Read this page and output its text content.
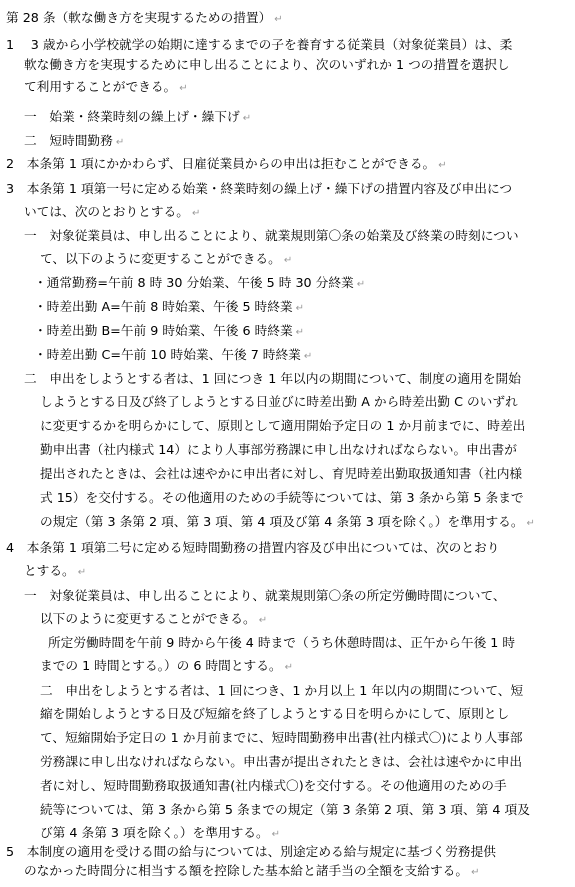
第 28 条（軟な働き方を実現するための措置） ↵
1　 3 歳から小学校就学の始期に達するまでの子を養育する従業員（対象従業員）は、柔
軟な働き方を実現するために申し出ることにより、次のいずれか 1 つの措置を選択し
て利用することができる。 ↵
一　始業・終業時刻の繰上げ・繰下げ ↵
二　短時間勤務 ↵
2　本条第 1 項にかかわらず、日雇従業員からの申出は拒むことができる。 ↵
3　本条第 1 項第一号に定める始業・終業時刻の繰上げ・繰下げの措置内容及び申出につ
いては、次のとおりとする。 ↵
一　対象従業員は、申し出ることにより、就業規則第〇条の始業及び終業の時刻につい
て、以下のように変更することができる。 ↵
・通常勤務=午前 8 時 30 分始業、午後 5 時 30 分終業 ↵
・時差出勤 A=午前 8 時始業、午後 5 時終業 ↵
・時差出勤 B=午前 9 時始業、午後 6 時終業 ↵
・時差出勤 C=午前 10 時始業、午後 7 時終業 ↵
二　申出をしようとする者は、1 回につき 1 年以内の期間について、制度の適用を開始
しようとする日及び終了しようとする日並びに時差出勤 A から時差出勤 C のいずれ
に変更するかを明らかにして、原則として適用開始予定日の 1 か月前までに、時差出
勤申出書（社内様式 14）により人事部労務課に申し出なければならない。申出書が
提出されたときは、会社は速やかに申出者に対し、育児時差出勤取扱通知書（社内様
式 15）を交付する。その他適用のための手続等については、第 3 条から第 5 条まで
の規定（第 3 条第 2 項、第 3 項、第 4 項及び第 4 条第 3 項を除く。）を準用する。 ↵
4　本条第 1 項第二号に定める短時間勤務の措置内容及び申出については、次のとおり
とする。 ↵
一　対象従業員は、申し出ることにより、就業規則第〇条の所定労働時間について、
以下のように変更することができる。 ↵
所定労働時間を午前 9 時から午後 4 時まで（うち休憩時間は、正午から午後 1 時
までの 1 時間とする。）の 6 時間とする。 ↵
二　申出をしようとする者は、1 回につき、1 か月以上 1 年以内の期間について、短
縮を開始しようとする日及び短縮を終了しようとする日を明らかにして、原則とし
て、短縮開始予定日の 1 か月前までに、短時間勤務申出書(社内様式〇)により人事部
労務課に申し出なければならない。申出書が提出されたときは、会社は速やかに申出
者に対し、短時間勤務取扱通知書(社内様式〇)を交付する。その他適用のための手
続等については、第 3 条から第 5 条までの規定（第 3 条第 2 項、第 3 項、第 4 項及
び第 4 条第 3 項を除く。）を準用する。 ↵
5　本制度の適用を受ける間の給与については、別途定める給与規定に基づく労務提供
のなかった時間分に相当する額を控除した基本給と諸手当の全額を支給する。 ↵
